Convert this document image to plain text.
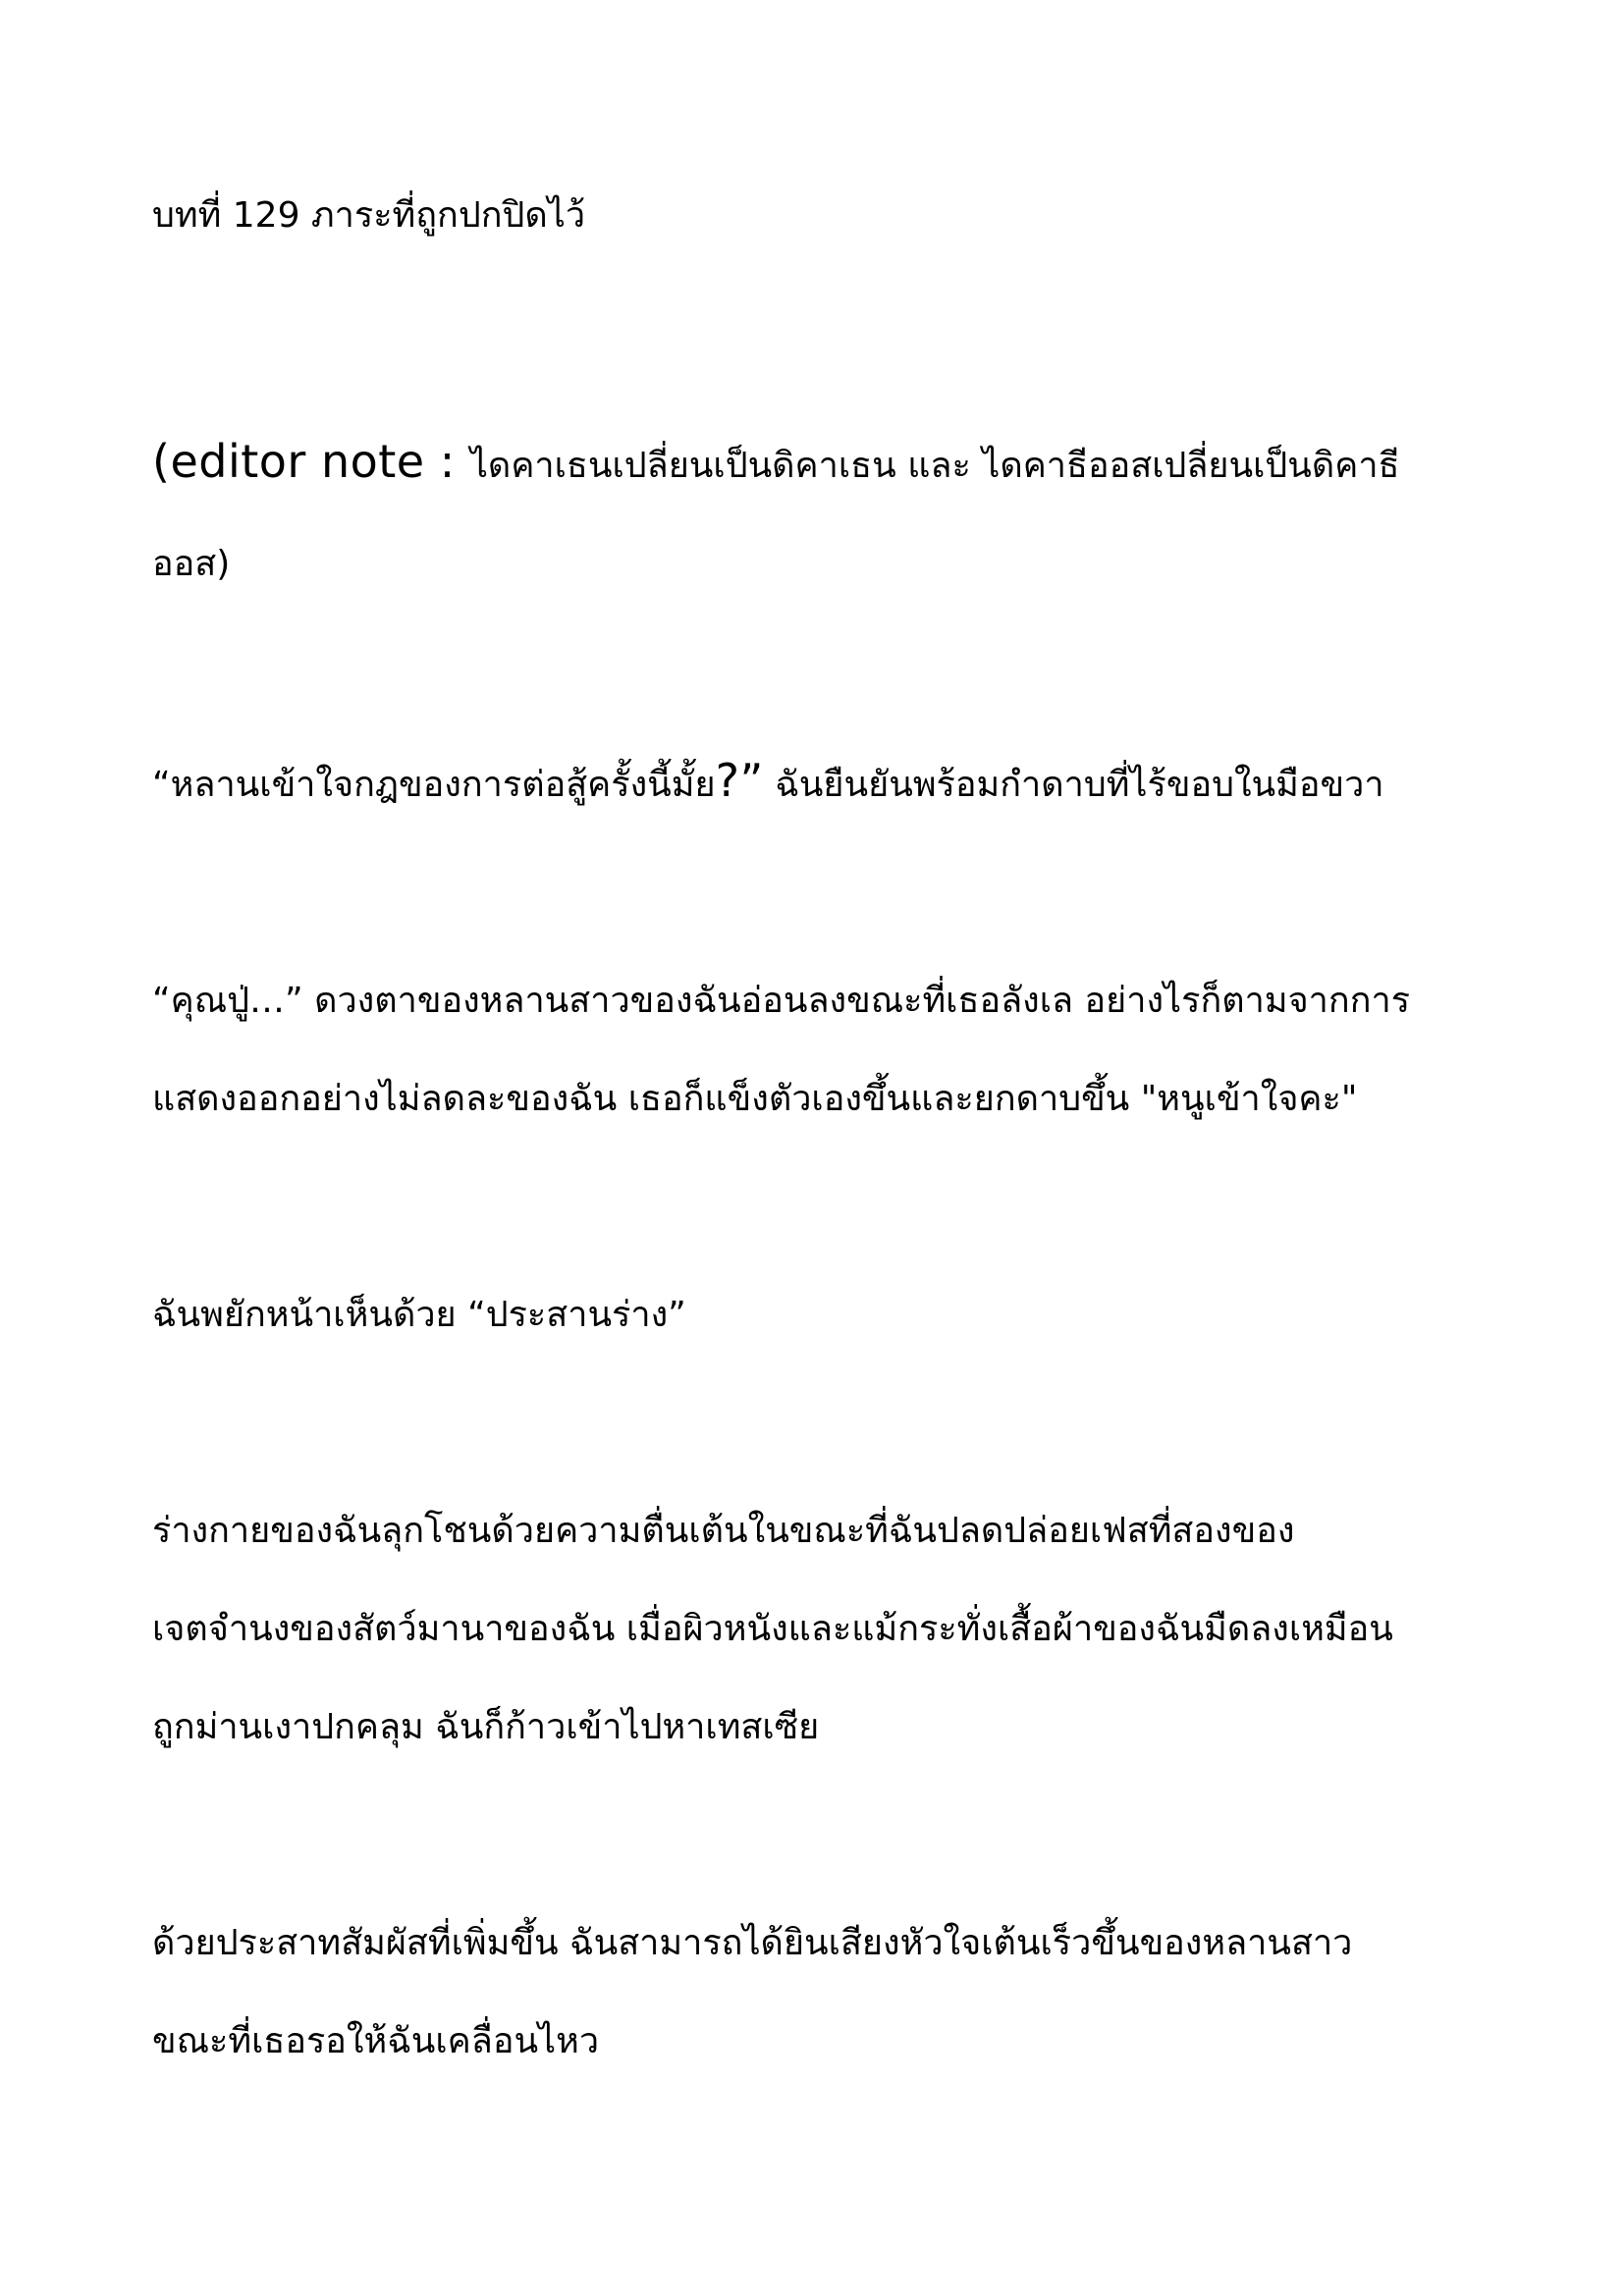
บทที่ 129 ภาระที่ถูกปกปิดไว้

(editor note : ไดคาเธนเปลี่ยนเป็นดิคาเธน และ ไดคาธีออสเปลี่ยนเป็นดิคาธี
ออส)

“หลานเข้าใจกฎของการต่อสู้ครั้งนี้มั้ย?” ฉันยืนยันพร้อมกำดาบที่ไร้ขอบในมือขวา

“คุณปู่…” ดวงตาของหลานสาวของฉันอ่อนลงขณะที่เธอลังเล อย่างไรก็ตามจากการ
แสดงออกอย่างไม่ลดละของฉัน เธอก็แข็งตัวเองขึ้นและยกดาบขึ้น "หนูเข้าใจคะ"

ฉันพยักหน้าเห็นด้วย “ประสานร่าง”

ร่างกายของฉันลุกโชนด้วยความตื่นเต้นในขณะที่ฉันปลดปล่อยเฟสที่สองของ
เจตจำนงของสัตว์มานาของฉัน เมื่อผิวหนังและแม้กระทั่งเสื้อผ้าของฉันมืดลงเหมือน
ถูกม่านเงาปกคลุม ฉันก็ก้าวเข้าไปหาเทสเซีย

ด้วยประสาทสัมผัสที่เพิ่มขึ้น ฉันสามารถได้ยินเสียงหัวใจเต้นเร็วขึ้นของหลานสาว
ขณะที่เธอรอให้ฉันเคลื่อนไหว
